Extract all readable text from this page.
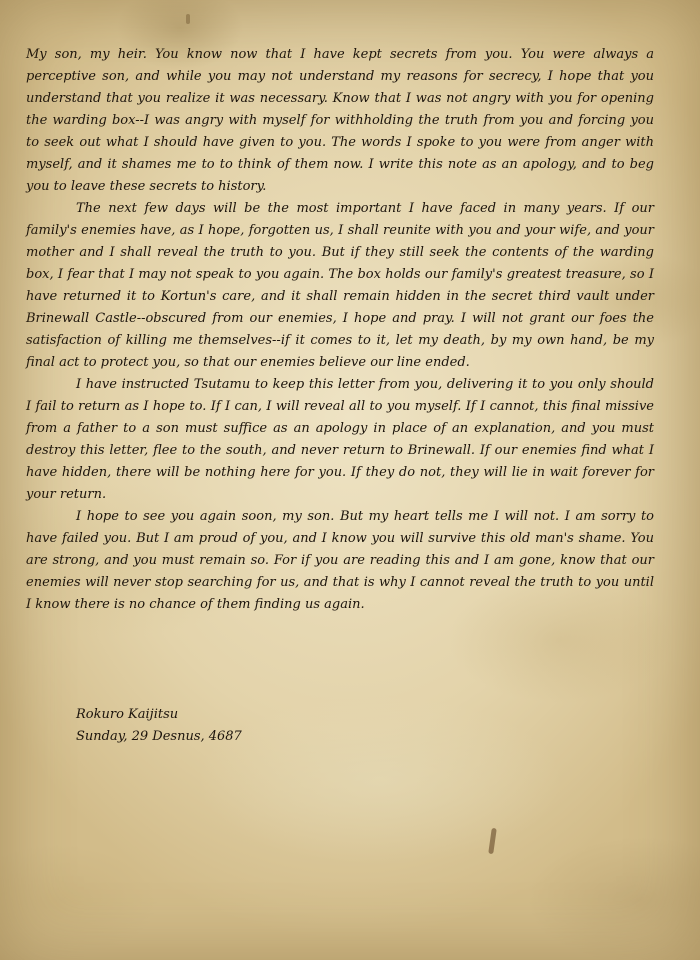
My son, my heir. You know now that I have kept secrets from you. You were always a perceptive son, and while you may not understand my reasons for secrecy, I hope that you understand that you realize it was necessary. Know that I was not angry with you for opening the warding box--I was angry with myself for withholding the truth from you and forcing you to seek out what I should have given to you. The words I spoke to you were from anger with myself, and it shames me to to think of them now. I write this note as an apology, and to beg you to leave these secrets to history.

The next few days will be the most important I have faced in many years. If our family's enemies have, as I hope, forgotten us, I shall reunite with you and your wife, and your mother and I shall reveal the truth to you. But if they still seek the contents of the warding box, I fear that I may not speak to you again. The box holds our family's greatest treasure, so I have returned it to Kortun's care, and it shall remain hidden in the secret third vault under Brinewall Castle--obscured from our enemies, I hope and pray. I will not grant our foes the satisfaction of killing me themselves--if it comes to it, let my death, by my own hand, be my final act to protect you, so that our enemies believe our line ended.

I have instructed Tsutamu to keep this letter from you, delivering it to you only should I fail to return as I hope to. If I can, I will reveal all to you myself. If I cannot, this final missive from a father to a son must suffice as an apology in place of an explanation, and you must destroy this letter, flee to the south, and never return to Brinewall. If our enemies find what I have hidden, there will be nothing here for you. If they do not, they will lie in wait forever for your return.

I hope to see you again soon, my son. But my heart tells me I will not. I am sorry to have failed you. But I am proud of you, and I know you will survive this old man's shame. You are strong, and you must remain so. For if you are reading this and I am gone, know that our enemies will never stop searching for us, and that is why I cannot reveal the truth to you until I know there is no chance of them finding us again.

Rokuro Kaijitsu
Sunday, 29 Desnus, 4687
